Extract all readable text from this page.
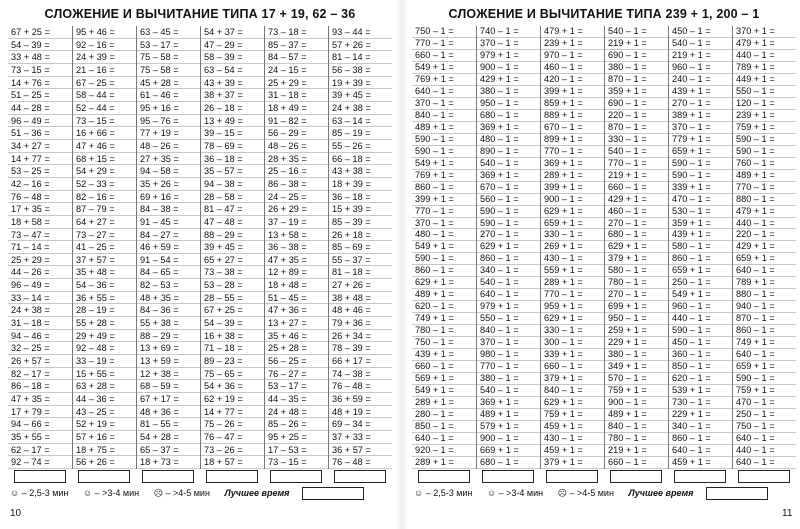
СЛОЖЕНИЕ И ВЫЧИТАНИЕ ТИПА 17 + 19, 62 – 36
67 + 25 =
54 – 39 =
33 + 48 =
73 – 15 =
14 + 76 =
51 – 25 =
44 – 28 =
96 – 49 =
51 – 36 =
34 + 27 =
14 + 77 =
53 – 25 =
42 – 16 =
76 – 48 =
17 + 35 =
18 + 58 =
73 – 47 =
71 – 14 =
25 + 29 =
44 – 26 =
96 – 49 =
33 – 14 =
24 + 38 =
31 – 18 =
94 – 46 =
32 – 25 =
26 + 57 =
82 – 17 =
86 – 18 =
47 + 35 =
17 + 79 =
94 – 66 =
35 + 55 =
62 – 17 =
92 – 74 =
95 + 46 =
92 – 16 =
24 + 39 =
21 – 16 =
67 – 25 =
58 – 44 =
52 – 44 =
73 – 15 =
16 + 66 =
47 + 46 =
68 + 15 =
54 + 29 =
52 – 33 =
82 – 16 =
87 – 79 =
64 + 27 =
73 – 27 =
41 – 25 =
37 + 57 =
35 + 48 =
54 – 36 =
36 + 55 =
28 – 19 =
55 + 28 =
29 + 49 =
92 – 48 =
33 – 19 =
15 + 55 =
63 + 28 =
44 – 36 =
43 – 25 =
52 + 19 =
57 + 16 =
18 + 75 =
56 + 26 =
63 – 45 =
53 – 17 =
75 – 58 =
75 – 58 =
45 + 28 =
61 – 46 =
95 + 16 =
95 – 76 =
77 + 19 =
48 – 26 =
27 + 35 =
94 – 58 =
35 + 26 =
69 + 16 =
84 – 38 =
91 – 45 =
84 – 27 =
46 + 59 =
91 – 54 =
84 – 65 =
82 – 53 =
48 + 35 =
84 – 36 =
55 + 38 =
88 – 29 =
13 + 69 =
13 + 59 =
12 + 38 =
68 – 59 =
67 + 17 =
48 + 36 =
81 – 55 =
54 + 28 =
65 – 37 =
18 + 73 =
54 + 37 =
47 – 29 =
58 – 39 =
63 – 54 =
43 + 39 =
38 + 37 =
26 – 18 =
13 + 49 =
39 – 15 =
78 – 69 =
36 – 18 =
35 – 57 =
94 – 38 =
28 – 58 =
81 – 47 =
47 – 48 =
88 – 29 =
39 + 45 =
65 + 27 =
73 – 38 =
53 – 28 =
28 – 55 =
67 + 25 =
54 – 39 =
16 + 38 =
71 – 18 =
89 – 23 =
75 – 65 =
54 + 36 =
62 + 19 =
14 + 77 =
75 – 26 =
76 – 47 =
73 – 26 =
18 + 57 =
73 – 18 =
85 – 37 =
84 – 57 =
24 – 15 =
25 + 29 =
31 – 18 =
18 + 49 =
91 – 82 =
56 – 29 =
48 – 26 =
28 + 35 =
25 – 16 =
86 – 38 =
24 – 25 =
26 + 29 =
37 – 19 =
13 + 58 =
36 – 38 =
47 + 35 =
12 + 89 =
18 + 48 =
51 – 45 =
47 + 36 =
13 + 27 =
35 + 46 =
25 + 28 =
56 – 25 =
76 – 27 =
53 – 17 =
44 – 35 =
24 + 48 =
85 – 26 =
95 + 25 =
17 – 53 =
73 – 15 =
93 – 44 =
57 + 26 =
81 – 14 =
56 – 38 =
19 + 39 =
39 + 45 =
24 + 38 =
63 – 14 =
85 – 19 =
55 – 26 =
66 – 18 =
43 + 38 =
18 + 39 =
36 – 18 =
15 + 39 =
85 – 39 =
26 + 18 =
85 – 69 =
55 – 37 =
81 – 18 =
27 + 26 =
38 + 48 =
48 + 46 =
79 + 36 =
26 + 34 =
78 – 39 =
66 + 17 =
74 – 38 =
76 – 48 =
36 + 59 =
48 + 19 =
69 – 34 =
37 + 33 =
36 + 57 =
76 – 48 =
☺ – 2,5-3 мин ☺ – >3-4 мин ☹ – >4-5 мин Лучшее время
10
СЛОЖЕНИЕ И ВЫЧИТАНИЕ ТИПА 239 + 1, 200 – 1
750 – 1 =
770 – 1 =
660 – 1 =
549 + 1 =
769 + 1 =
640 – 1 =
370 – 1 =
840 – 1 =
489 + 1 =
590 – 1 =
590 – 1 =
549 + 1 =
769 + 1 =
860 – 1 =
399 + 1 =
770 – 1 =
370 – 1 =
480 – 1 =
549 + 1 =
590 – 1 =
860 – 1 =
629 + 1 =
489 + 1 =
620 – 1 =
749 + 1 =
780 – 1 =
750 – 1 =
439 + 1 =
660 – 1 =
569 + 1 =
549 + 1 =
289 + 1 =
280 – 1 =
850 – 1 =
640 – 1 =
920 – 1 =
289 + 1 =
740 – 1 =
370 – 1 =
979 + 1 =
900 – 1 =
429 + 1 =
380 – 1 =
950 – 1 =
680 – 1 =
369 + 1 =
480 – 1 =
890 – 1 =
540 – 1 =
369 + 1 =
670 – 1 =
560 – 1 =
590 – 1 =
590 – 1 =
270 – 1 =
629 + 1 =
860 – 1 =
340 – 1 =
540 – 1 =
640 – 1 =
979 + 1 =
550 – 1 =
840 – 1 =
370 – 1 =
980 – 1 =
770 – 1 =
380 – 1 =
540 – 1 =
369 + 1 =
489 + 1 =
579 + 1 =
900 – 1 =
669 + 1 =
680 – 1 =
479 + 1 =
239 + 1 =
970 – 1 =
460 – 1 =
420 – 1 =
399 + 1 =
859 + 1 =
889 + 1 =
670 – 1 =
899 + 1 =
770 – 1 =
369 + 1 =
289 + 1 =
399 + 1 =
900 – 1 =
629 + 1 =
659 + 1 =
330 – 1 =
269 + 1 =
430 – 1 =
559 + 1 =
289 + 1 =
770 – 1 =
959 + 1 =
629 + 1 =
330 – 1 =
300 – 1 =
339 + 1 =
660 – 1 =
379 + 1 =
840 – 1 =
629 + 1 =
759 + 1 =
459 + 1 =
430 – 1 =
459 + 1 =
379 + 1 =
540 – 1 =
219 + 1 =
690 – 1 =
380 – 1 =
870 – 1 =
359 + 1 =
690 – 1 =
220 – 1 =
870 – 1 =
330 – 1 =
540 – 1 =
770 – 1 =
219 + 1 =
660 – 1 =
429 + 1 =
460 – 1 =
270 – 1 =
680 – 1 =
629 + 1 =
379 + 1 =
580 – 1 =
780 – 1 =
270 – 1 =
699 + 1 =
950 – 1 =
259 + 1 =
229 + 1 =
380 – 1 =
349 + 1 =
570 – 1 =
759 + 1 =
900 – 1 =
489 + 1 =
840 – 1 =
780 – 1 =
219 + 1 =
660 – 1 =
450 – 1 =
540 – 1 =
219 + 1 =
960 – 1 =
240 – 1 =
439 + 1 =
270 – 1 =
389 + 1 =
370 – 1 =
779 + 1 =
659 + 1 =
590 – 1 =
590 – 1 =
339 + 1 =
470 – 1 =
530 – 1 =
359 + 1 =
439 + 1 =
580 – 1 =
860 – 1 =
659 + 1 =
250 – 1 =
549 + 1 =
960 – 1 =
440 – 1 =
590 – 1 =
450 – 1 =
360 – 1 =
850 – 1 =
620 – 1 =
539 + 1 =
730 – 1 =
229 + 1 =
340 – 1 =
860 – 1 =
640 – 1 =
459 + 1 =
370 + 1 =
479 + 1 =
440 – 1 =
789 + 1 =
449 + 1 =
550 – 1 =
120 – 1 =
239 + 1 =
759 + 1 =
590 – 1 =
590 – 1 =
760 – 1 =
489 + 1 =
770 – 1 =
880 – 1 =
479 + 1 =
440 – 1 =
220 – 1 =
429 + 1 =
659 + 1 =
640 – 1 =
789 + 1 =
880 – 1 =
940 – 1 =
870 – 1 =
860 – 1 =
749 + 1 =
640 – 1 =
659 + 1 =
590 – 1 =
759 + 1 =
470 – 1 =
250 – 1 =
750 – 1 =
640 – 1 =
440 – 1 =
640 – 1 =
☺ – 2,5-3 мин ☺ – >3-4 мин ☹ – >4-5 мин Лучшее время
11
